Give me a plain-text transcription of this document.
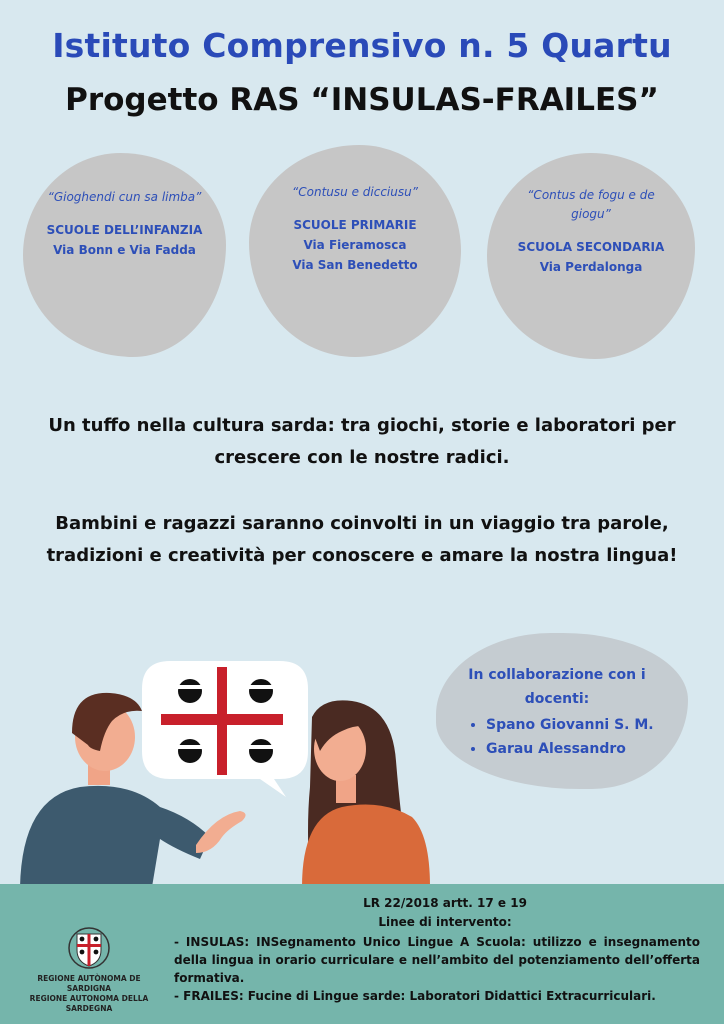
Istituto Comprensivo n. 5 Quartu
Progetto RAS “INSULAS-FRAILES”
“Gioghendi cun sa limba”
SCUOLE DELL’INFANZIA
Via Bonn e Via Fadda
“Contusu e dicciusu”
SCUOLE PRIMARIE
Via Fieramosca
Via San Benedetto
“Contus de fogu e de giogu”
SCUOLA SECONDARIA
Via Perdalonga
Un tuffo nella cultura sarda: tra giochi, storie e laboratori per crescere con le nostre radici.
Bambini e ragazzi saranno coinvolti in un viaggio tra parole, tradizioni e creatività per conoscere e amare la nostra lingua!
In collaborazione con i docenti:
• Spano Giovanni S. M.
• Garau Alessandro
REGIONE AUTÒNOMA DE SARDIGNA
REGIONE AUTONOMA DELLA SARDEGNA
LR 22/2018 artt. 17 e 19
Linee di intervento:
- INSULAS: INSegnamento Unico Lingue A Scuola: utilizzo e insegnamento della lingua in orario curriculare e nell’ambito del potenziamento dell’offerta formativa.
- FRAILES: Fucine di Lingue sarde: Laboratori Didattici Extracurriculari.
